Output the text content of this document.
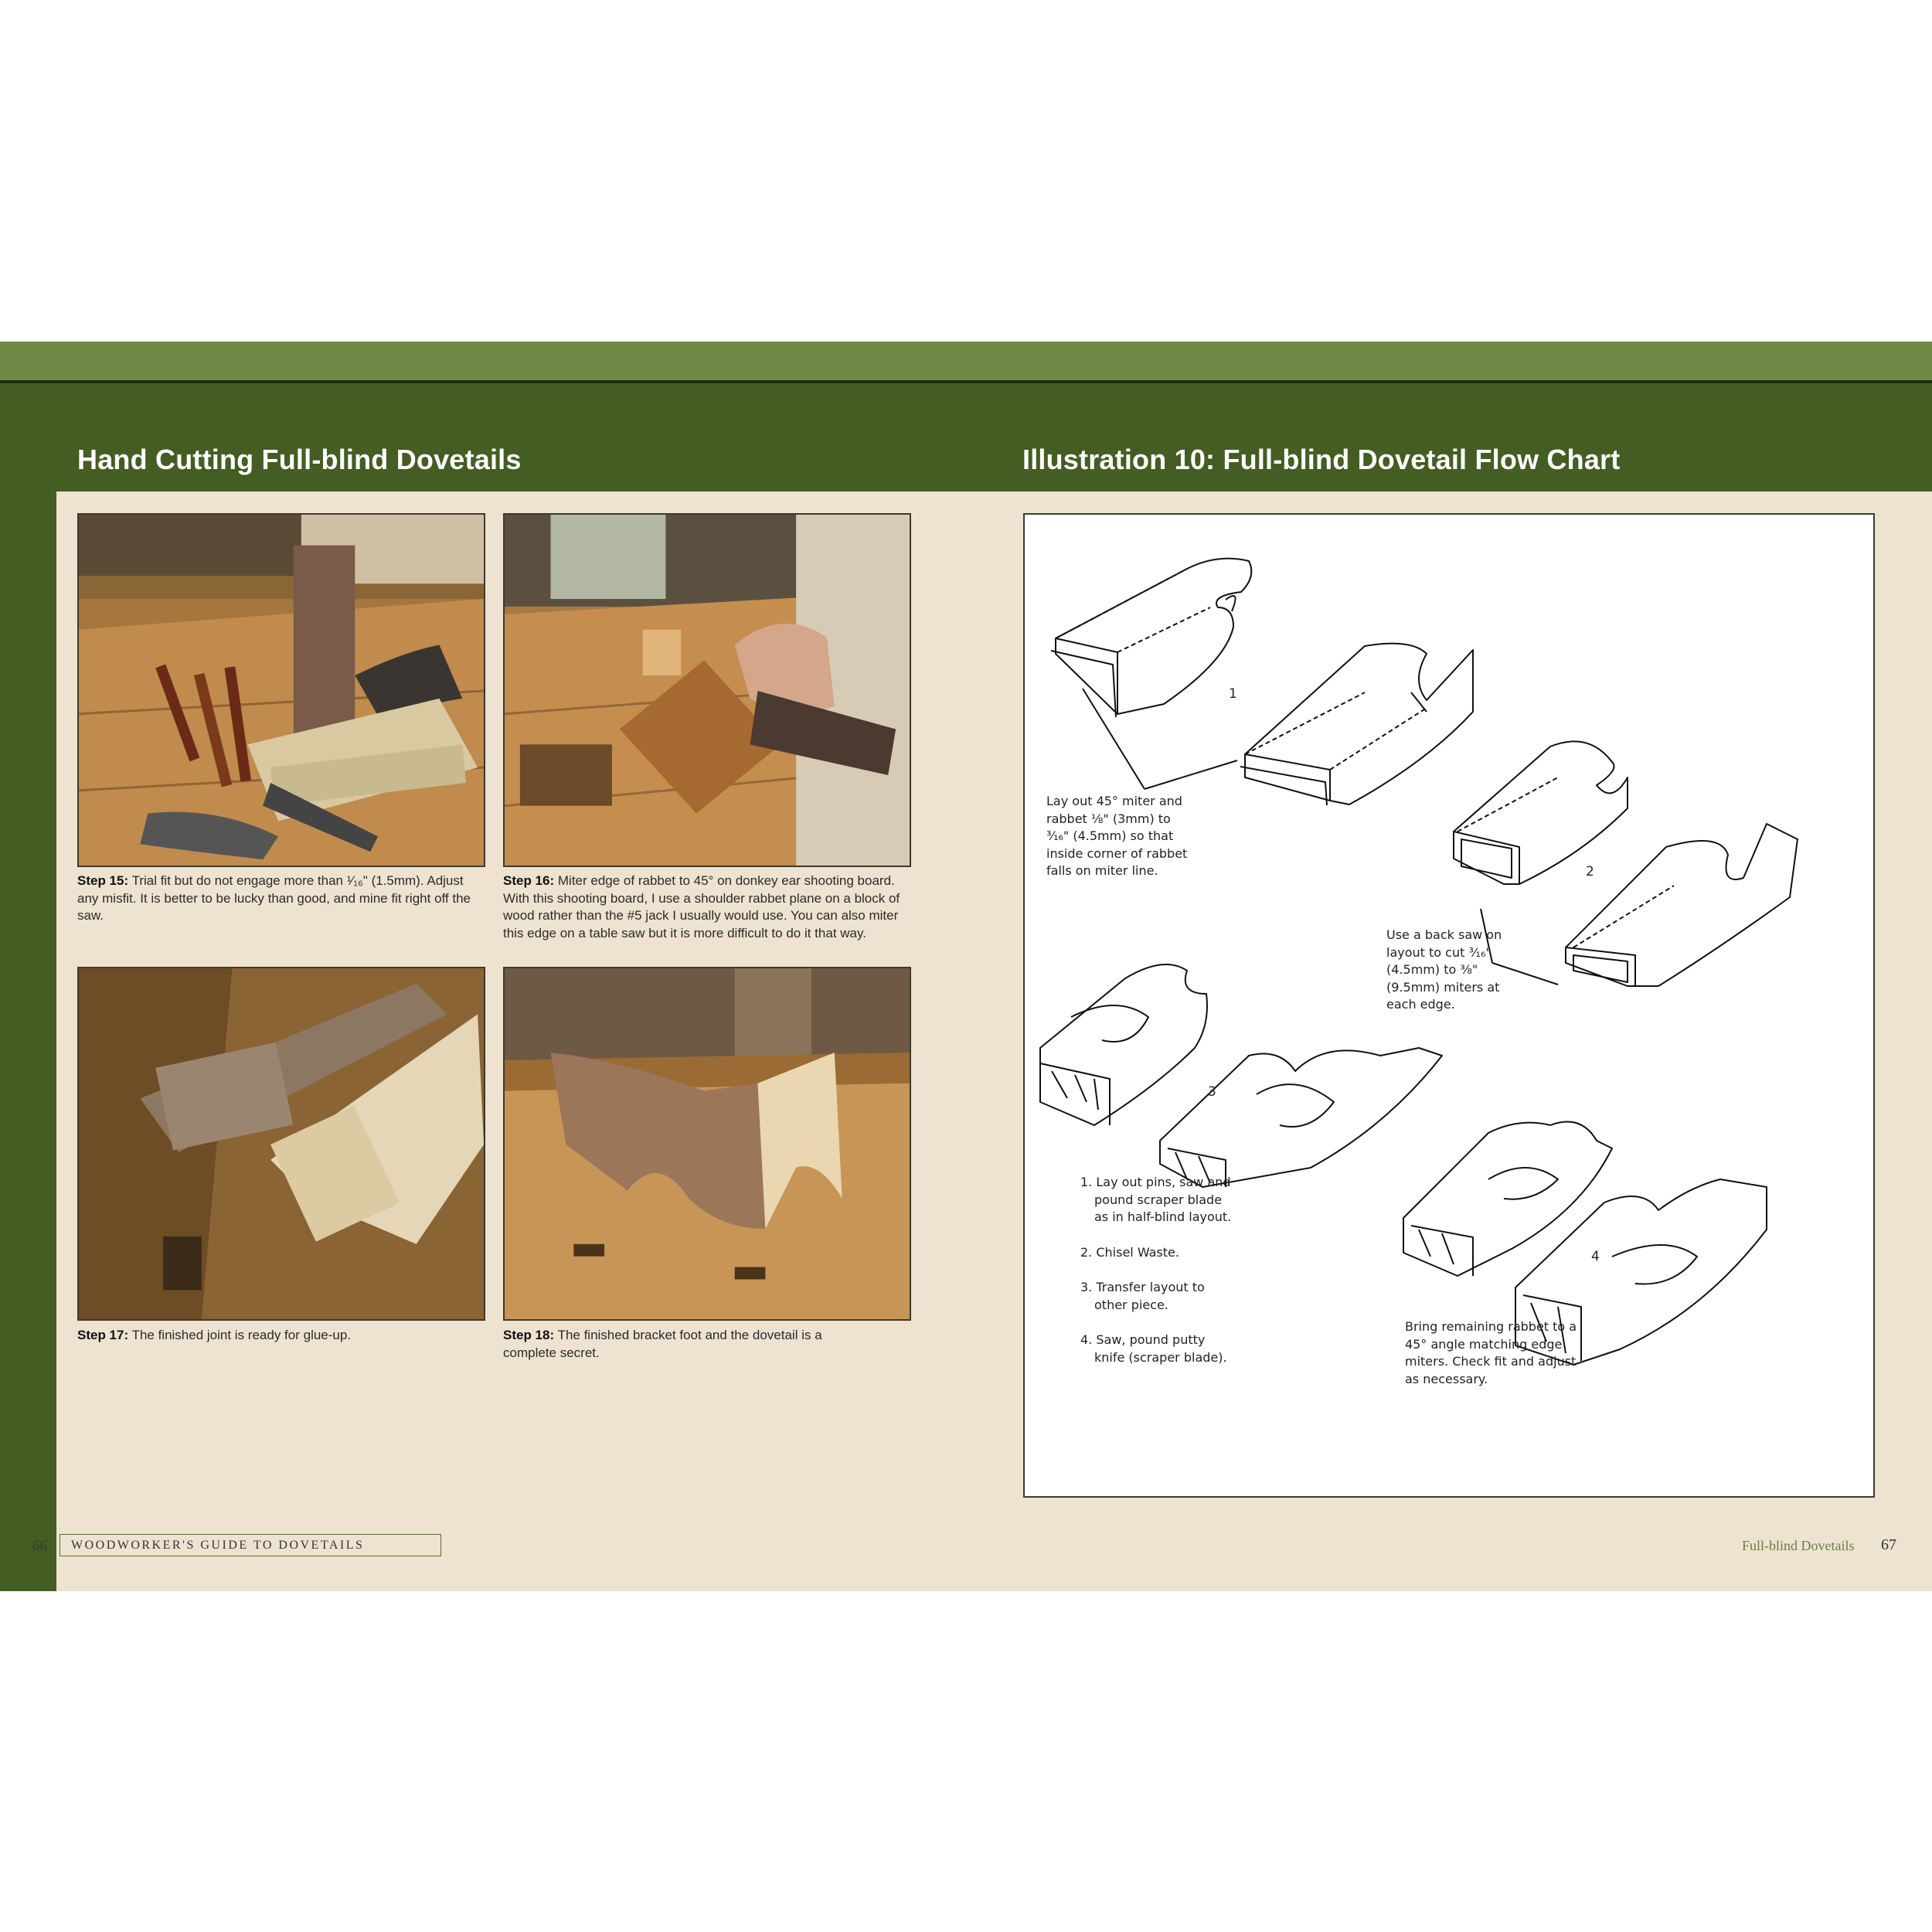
Hand Cutting Full-blind Dovetails	Illustration 10: Full-blind Dovetail Flow Chart
Step 15: Trial fit but do not engage more than ¹⁄₁₆" (1.5mm). Adjust any misfit. It is better to be lucky than good, and mine fit right off the saw.
Step 16: Miter edge of rabbet to 45° on donkey ear shooting board. With this shooting board, I use a shoulder rabbet plane on a block of wood rather than the #5 jack I usually would use. You can also miter this edge on a table saw but it is more difficult to do it that way.
Step 17: The finished joint is ready for glue-up.	Step 18: The finished bracket foot and the dovetail is a complete secret.
1
2
3
4
Lay out 45° miter and rabbet ⅛" (3mm) to ³⁄₁₆" (4.5mm) so that inside corner of rabbet falls on miter line.
Use a back saw on layout to cut ³⁄₁₆" (4.5mm) to ⅜" (9.5mm) miters at each edge.
Bring remaining rabbet to a 45° angle matching edge miters. Check fit and adjust as necessary.
1. Lay out pins, saw and pound scraper blade as in half-blind layout.
2. Chisel Waste.
3. Transfer layout to other piece.
4. Saw, pound putty knife (scraper blade).
66 WOODWORKER'S GUIDE TO DOVETAILS	Full-blind Dovetails 67
